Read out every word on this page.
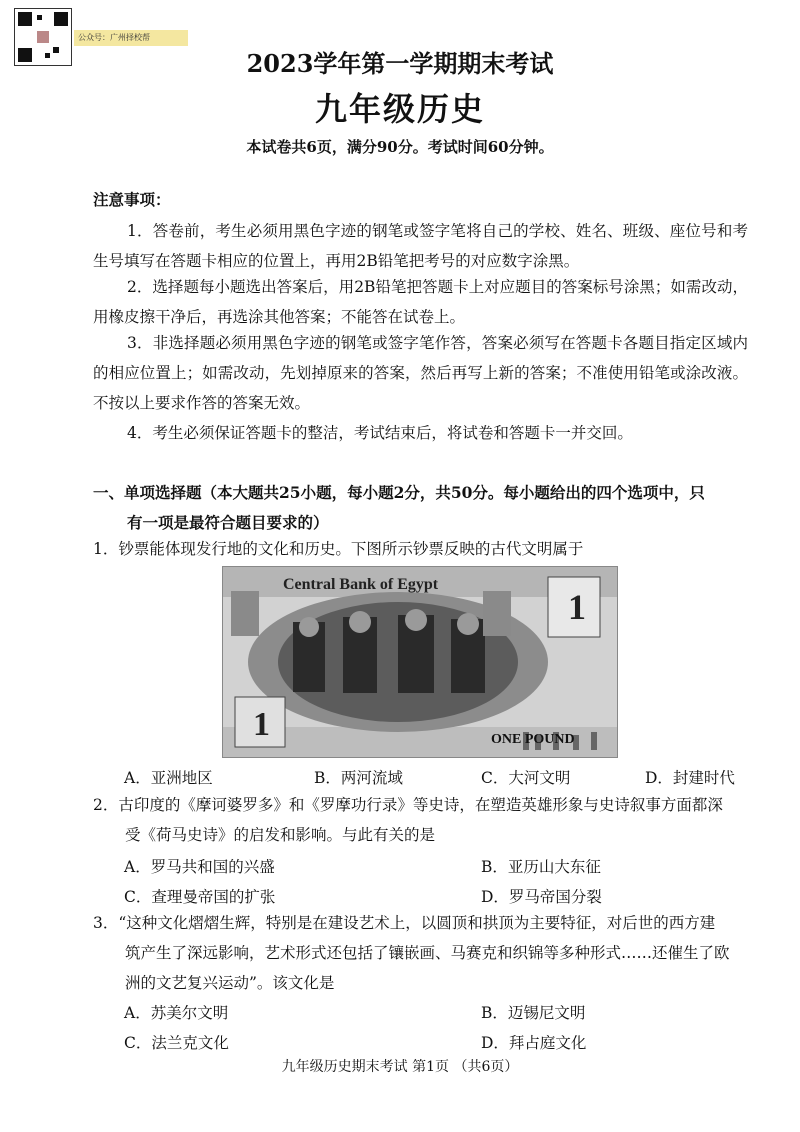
公众号：广州择校帮
2023学年第一学期期末考试
九年级历史
本试卷共6页，满分90分。考试时间60分钟。
注意事项：
1．答卷前，考生必须用黑色字迹的钢笔或签字笔将自己的学校、姓名、班级、座位号和考生号填写在答题卡相应的位置上，再用2B铅笔把考号的对应数字涂黑。
2．选择题每小题选出答案后，用2B铅笔把答题卡上对应题目的答案标号涂黑；如需改动，用橡皮擦干净后，再选涂其他答案；不能答在试卷上。
3．非选择题必须用黑色字迹的钢笔或签字笔作答，答案必须写在答题卡各题目指定区域内的相应位置上；如需改动，先划掉原来的答案，然后再写上新的答案；不准使用铅笔或涂改液。不按以上要求作答的答案无效。
4．考生必须保证答题卡的整洁，考试结束后，将试卷和答题卡一并交回。
一、单项选择题（本大题共25小题，每小题2分，共50分。每小题给出的四个选项中，只
有一项是最符合题目要求的）
1．钞票能体现发行地的文化和历史。下图所示钞票反映的古代文明属于
Central Bank of Egypt
1
1	ONE POUND
A．亚洲地区	B．两河流域	C．大河文明	D．封建时代
2．古印度的《摩诃婆罗多》和《罗摩功行录》等史诗，在塑造英雄形象与史诗叙事方面都深
受《荷马史诗》的启发和影响。与此有关的是
A．罗马共和国的兴盛	B．亚历山大东征
C．查理曼帝国的扩张	D．罗马帝国分裂
3．“这种文化熠熠生辉，特别是在建设艺术上，以圆顶和拱顶为主要特征，对后世的西方建
筑产生了深远影响，艺术形式还包括了镶嵌画、马赛克和织锦等多种形式……还催生了欧
洲的文艺复兴运动”。该文化是
A．苏美尔文明	B．迈锡尼文明
C．法兰克文化	D．拜占庭文化
九年级历史期末考试 第1页 （共6页）
